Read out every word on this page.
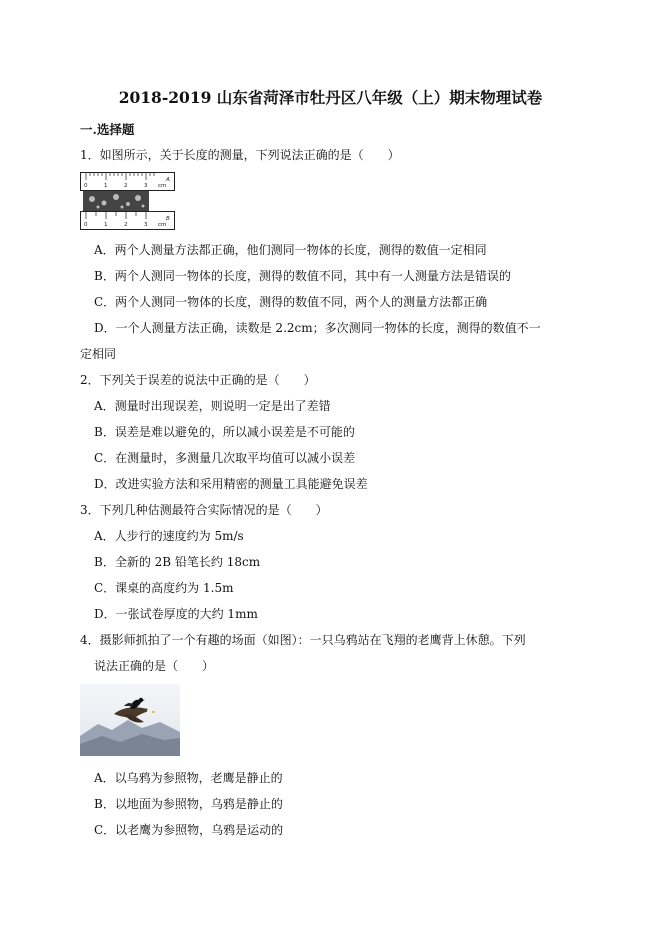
2018-2019 山东省菏泽市牡丹区八年级（上）期末物理试卷
一.选择题
1．如图所示，关于长度的测量，下列说法正确的是（　　）
0	1	2	3 cm
A
0	1	2	3 cm
B
A．两个人测量方法都正确，他们测同一物体的长度，测得的数值一定相同
B．两个人测同一物体的长度，测得的数值不同，其中有一人测量方法是错误的
C．两个人测同一物体的长度，测得的数值不同，两个人的测量方法都正确
D．一个人测量方法正确，读数是 2.2cm；多次测同一物体的长度，测得的数值不一
定相同
2．下列关于误差的说法中正确的是（　　）
A．测量时出现误差，则说明一定是出了差错
B．误差是难以避免的，所以减小误差是不可能的
C．在测量时，多测量几次取平均值可以减小误差
D．改进实验方法和采用精密的测量工具能避免误差
3．下列几种估测最符合实际情况的是（　　）
A．人步行的速度约为 5m/s
B．全新的 2B 铅笔长约 18cm
C．课桌的高度约为 1.5m
D．一张试卷厚度的大约 1mm
4．摄影师抓拍了一个有趣的场面（如图）：一只乌鸦站在飞翔的老鹰背上休憩。下列
说法正确的是（　　）
A．以乌鸦为参照物，老鹰是静止的
B．以地面为参照物，乌鸦是静止的
C．以老鹰为参照物，乌鸦是运动的
